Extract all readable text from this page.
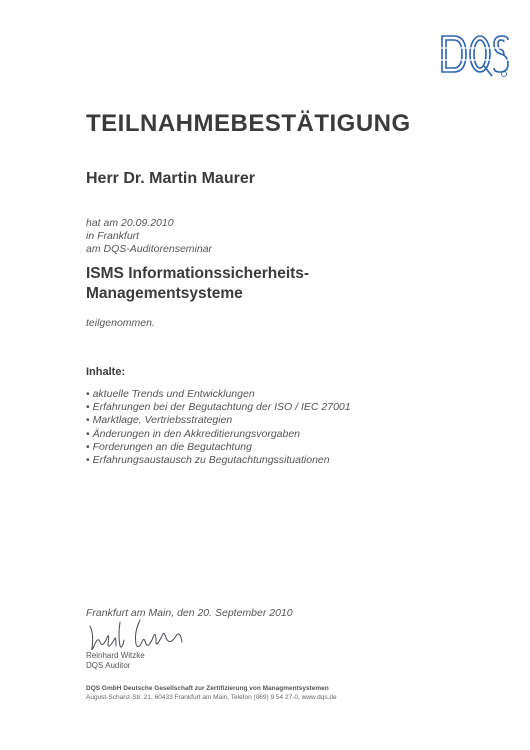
TEILNAHMEBESTÄTIGUNG
Herr Dr. Martin Maurer
hat am 20.09.2010
in Frankfurt
am DQS-Auditorenseminar
ISMS Informationssicherheits-
Managementsysteme
teilgenommen.
Inhalte:
• aktuelle Trends und Entwicklungen
• Erfahrungen bei der Begutachtung der ISO / IEC 27001
• Marktlage, Vertriebsstrategien
• Änderungen in den Akkreditierungsvorgaben
• Forderungen an die Begutachtung
• Erfahrungsaustausch zu Begutachtungssituationen
Frankfurt am Main, den 20. September 2010
Reinhard Witzke
DQS Auditor
DQS GmbH Deutsche Gesellschaft zur Zertifizierung von Managmentsystemen
August-Schanz-Str. 21, 60433 Frankfurt am Main, Telefon (069) 9 54 27-0, www.dqs.de
